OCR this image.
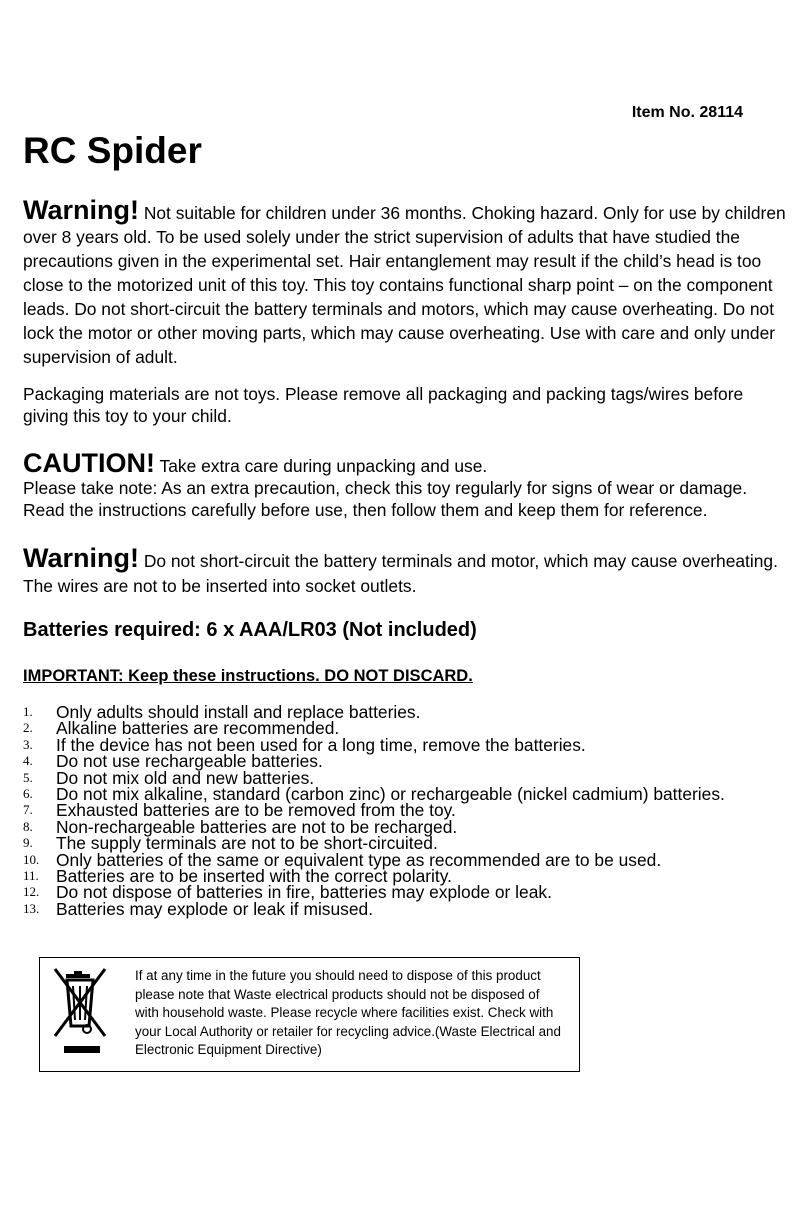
Item No. 28114
RC Spider

Warning! Not suitable for children under 36 months. Choking hazard. Only for use by children over 8 years old. To be used solely under the strict supervision of adults that have studied the precautions given in the experimental set. Hair entanglement may result if the child’s head is too close to the motorized unit of this toy. This toy contains functional sharp point – on the component leads. Do not short-circuit the battery terminals and motors, which may cause overheating. Do not lock the motor or other moving parts, which may cause overheating. Use with care and only under supervision of adult.

Packaging materials are not toys. Please remove all packaging and packing tags/wires before giving this toy to your child.

CAUTION! Take extra care during unpacking and use.
Please take note: As an extra precaution, check this toy regularly for signs of wear or damage. Read the instructions carefully before use, then follow them and keep them for reference.

Warning! Do not short-circuit the battery terminals and motor, which may cause overheating. The wires are not to be inserted into socket outlets.

Batteries required: 6 x AAA/LR03 (Not included)
IMPORTANT: Keep these instructions. DO NOT DISCARD.
1.	Only adults should install and replace batteries.
2.	Alkaline batteries are recommended.
3.	If the device has not been used for a long time, remove the batteries.
4.	Do not use rechargeable batteries.
5.	Do not mix old and new batteries.
6.	Do not mix alkaline, standard (carbon zinc) or rechargeable (nickel cadmium) batteries.
7.	Exhausted batteries are to be removed from the toy.
8.	Non-rechargeable batteries are not to be recharged.
9.	The supply terminals are not to be short-circuited.
10. Only batteries of the same or equivalent type as recommended are to be used.
11. Batteries are to be inserted with the correct polarity.
12. Do not dispose of batteries in fire, batteries may explode or leak.
13. Batteries may explode or leak if misused.

If at any time in the future you should need to dispose of this product please note that Waste electrical products should not be disposed of with household waste. Please recycle where facilities exist. Check with your Local Authority or retailer for recycling advice.(Waste Electrical and Electronic Equipment Directive)
